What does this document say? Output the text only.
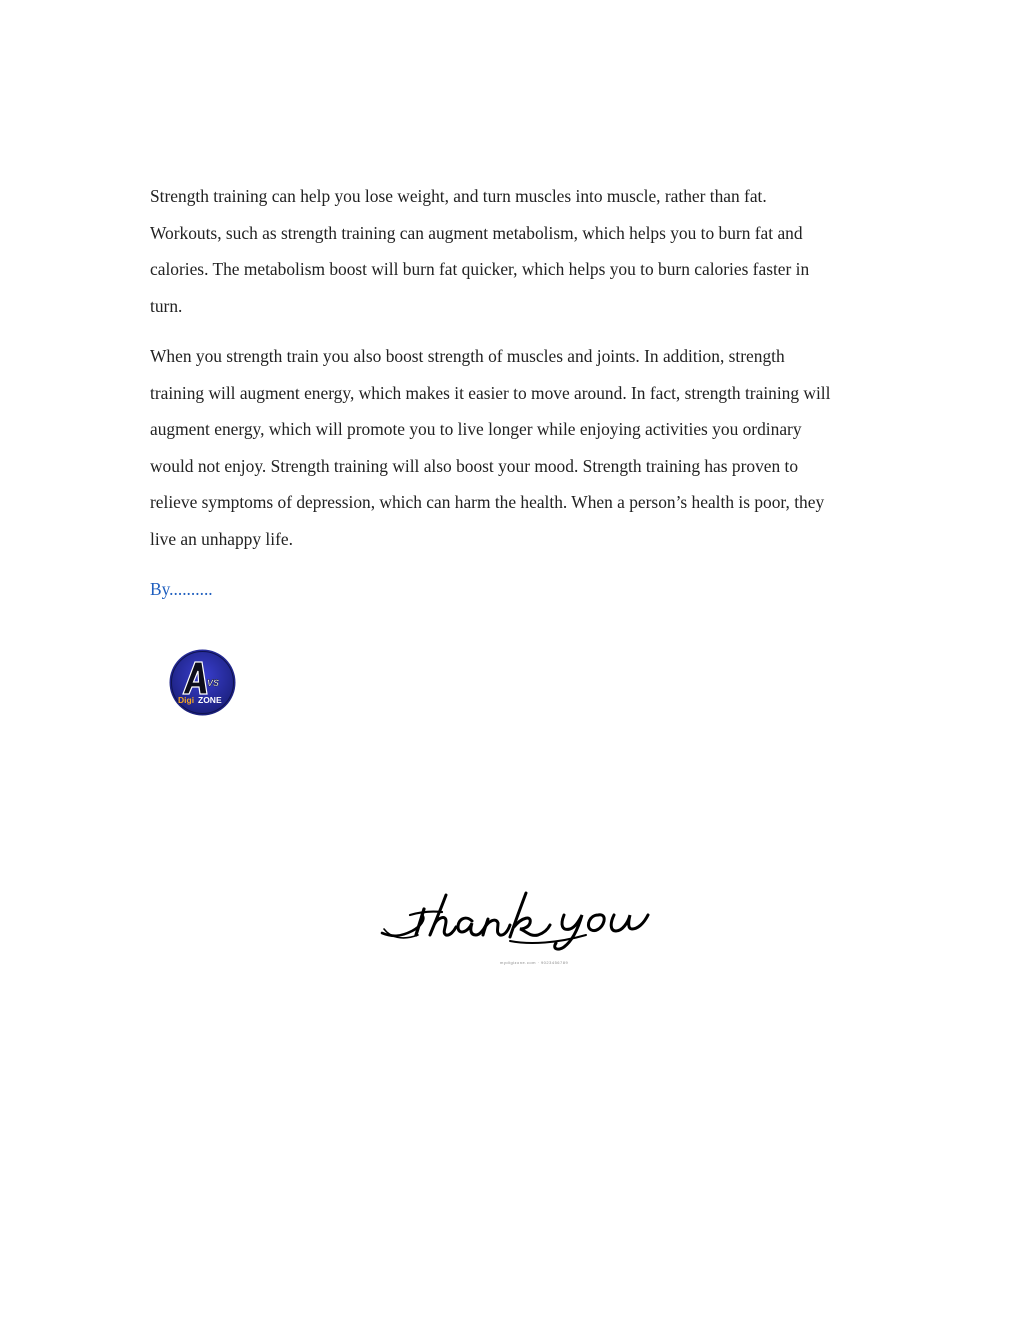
Strength training can help you lose weight, and turn muscles into muscle, rather than fat.
Workouts, such as strength training can augment metabolism, which helps you to burn fat and
calories. The metabolism boost will burn fat quicker, which helps you to burn calories faster in
turn.

When you strength train you also boost strength of muscles and joints. In addition, strength
training will augment energy, which makes it easier to move around. In fact, strength training will
augment energy, which will promote you to live longer while enjoying activities you ordinary
would not enjoy. Strength training will also boost your mood. Strength training has proven to
relieve symptoms of depression, which can harm the health. When a person’s health is poor, they
live an unhappy life.

By..........

VS
Digi ZONE
mydigizone.com · 9023456789
